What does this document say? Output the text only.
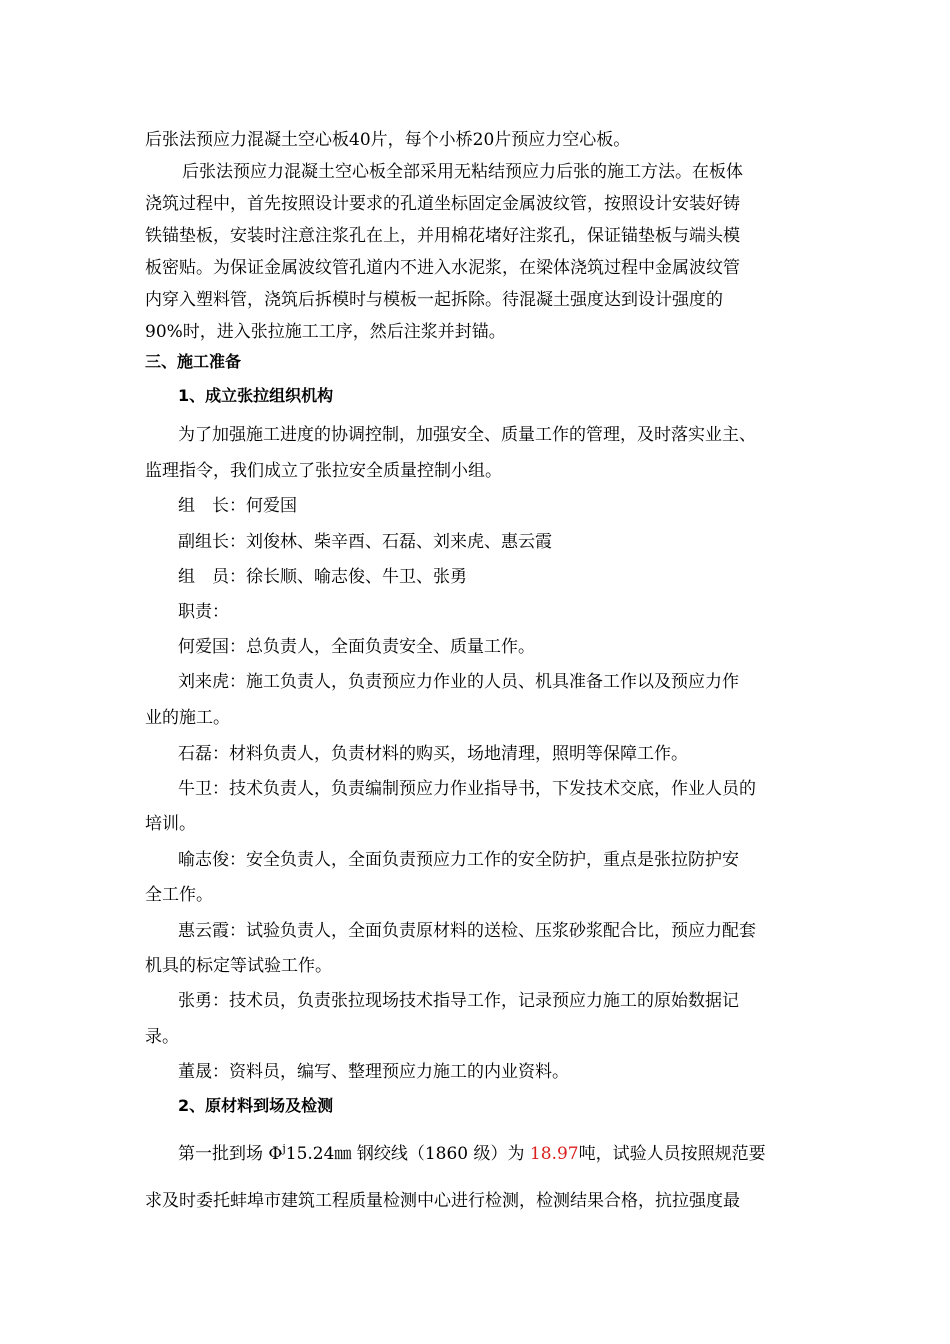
后张法预应力混凝土空心板40片，每个小桥20片预应力空心板。
后张法预应力混凝土空心板全部采用无粘结预应力后张的施工方法。在板体
浇筑过程中，首先按照设计要求的孔道坐标固定金属波纹管，按照设计安装好铸
铁锚垫板，安装时注意注浆孔在上，并用棉花堵好注浆孔，保证锚垫板与端头模
板密贴。为保证金属波纹管孔道内不进入水泥浆，在梁体浇筑过程中金属波纹管
内穿入塑料管，浇筑后拆模时与模板一起拆除。待混凝土强度达到设计强度的
90%时，进入张拉施工工序，然后注浆并封锚。
三、施工准备
1、成立张拉组织机构
为了加强施工进度的协调控制，加强安全、质量工作的管理，及时落实业主、
监理指令，我们成立了张拉安全质量控制小组。
组　长：何爱国
副组长：刘俊林、柴辛酉、石磊、刘来虎、惠云霞
组　员：徐长顺、喻志俊、牛卫、张勇
职责：
何爱国：总负责人，全面负责安全、质量工作。
刘来虎：施工负责人，负责预应力作业的人员、机具准备工作以及预应力作
业的施工。
石磊：材料负责人，负责材料的购买，场地清理，照明等保障工作。
牛卫：技术负责人，负责编制预应力作业指导书，下发技术交底，作业人员的
培训。
喻志俊：安全负责人，全面负责预应力工作的安全防护，重点是张拉防护安
全工作。
惠云霞：试验负责人，全面负责原材料的送检、压浆砂浆配合比，预应力配套
机具的标定等试验工作。
张勇：技术员，负责张拉现场技术指导工作，记录预应力施工的原始数据记
录。
董晟：资料员，编写、整理预应力施工的内业资料。
2、原材料到场及检测
第一批到场 $\Phi^j15.24㎜$ 钢绞线（1860 级）为 18.97吨，试验人员按照规范要
求及时委托蚌埠市建筑工程质量检测中心进行检测，检测结果合格，抗拉强度最
